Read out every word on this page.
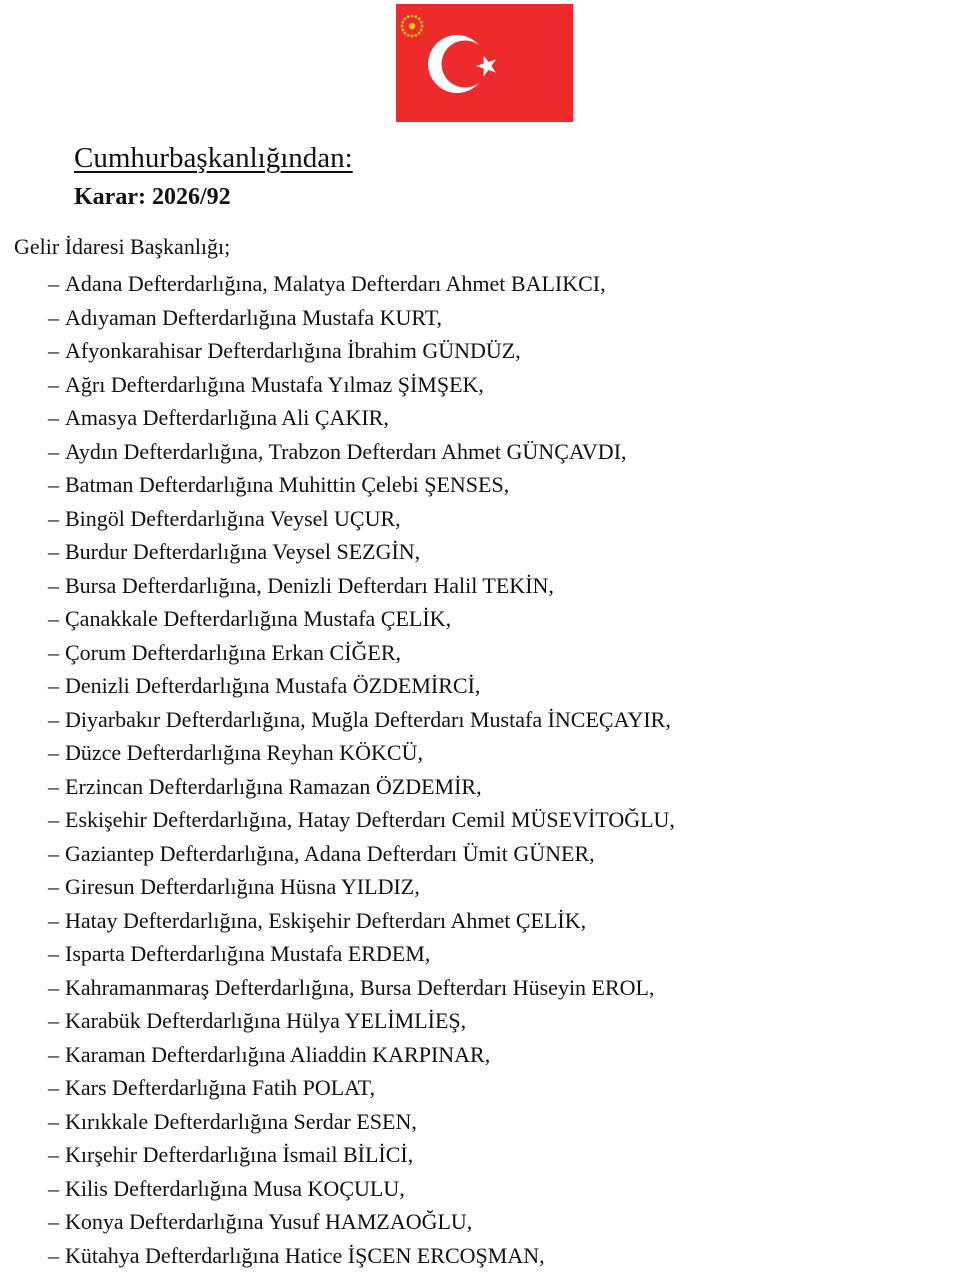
Cumhurbaşkanlığından:
Karar: 2026/92
Gelir İdaresi Başkanlığı;
– Adana Defterdarlığına, Malatya Defterdarı Ahmet BALIKCI,
– Adıyaman Defterdarlığına Mustafa KURT,
– Afyonkarahisar Defterdarlığına İbrahim GÜNDÜZ,
– Ağrı Defterdarlığına Mustafa Yılmaz ŞİMŞEK,
– Amasya Defterdarlığına Ali ÇAKIR,
– Aydın Defterdarlığına, Trabzon Defterdarı Ahmet GÜNÇAVDI,
– Batman Defterdarlığına Muhittin Çelebi ŞENSES,
– Bingöl Defterdarlığına Veysel UÇUR,
– Burdur Defterdarlığına Veysel SEZGİN,
– Bursa Defterdarlığına, Denizli Defterdarı Halil TEKİN,
– Çanakkale Defterdarlığına Mustafa ÇELİK,
– Çorum Defterdarlığına Erkan CİĞER,
– Denizli Defterdarlığına Mustafa ÖZDEMİRCİ,
– Diyarbakır Defterdarlığına, Muğla Defterdarı Mustafa İNCEÇAYIR,
– Düzce Defterdarlığına Reyhan KÖKCÜ,
– Erzincan Defterdarlığına Ramazan ÖZDEMİR,
– Eskişehir Defterdarlığına, Hatay Defterdarı Cemil MÜSEVİTOĞLU,
– Gaziantep Defterdarlığına, Adana Defterdarı Ümit GÜNER,
– Giresun Defterdarlığına Hüsna YILDIZ,
– Hatay Defterdarlığına, Eskişehir Defterdarı Ahmet ÇELİK,
– Isparta Defterdarlığına Mustafa ERDEM,
– Kahramanmaraş Defterdarlığına, Bursa Defterdarı Hüseyin EROL,
– Karabük Defterdarlığına Hülya YELİMLİEŞ,
– Karaman Defterdarlığına Aliaddin KARPINAR,
– Kars Defterdarlığına Fatih POLAT,
– Kırıkkale Defterdarlığına Serdar ESEN,
– Kırşehir Defterdarlığına İsmail BİLİCİ,
– Kilis Defterdarlığına Musa KOÇULU,
– Konya Defterdarlığına Yusuf HAMZAOĞLU,
– Kütahya Defterdarlığına Hatice İŞCEN ERCOŞMAN,
